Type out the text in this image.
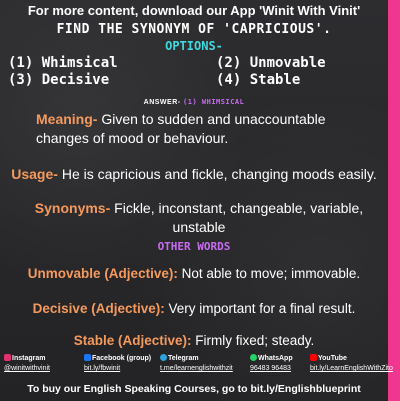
For more content, download our App 'Winit With Vinit'
FIND THE SYNONYM OF 'CAPRICIOUS'.
OPTIONS-
(1) Whimsical	(2) Unmovable
(3) Decisive	(4) Stable
ANSWER- (1) WHIMSICAL
Meaning- Given to sudden and unaccountable changes of mood or behaviour.
Usage- He is capricious and fickle, changing moods easily.
Synonyms- Fickle, inconstant, changeable, variable, unstable
OTHER WORDS
Unmovable (Adjective): Not able to move; immovable.
Decisive (Adjective): Very important for a final result.
Stable (Adjective): Firmly fixed; steady.
Instagram
@winitwithvinit
Facebook (group)
bit.ly/fbwinit
Telegram
t.me/learnenglishwithzit
WhatsApp
96483 96483
YouTube
bit.ly/LearnEnglishWithZito
To buy our English Speaking Courses, go to bit.ly/Englishblueprint
